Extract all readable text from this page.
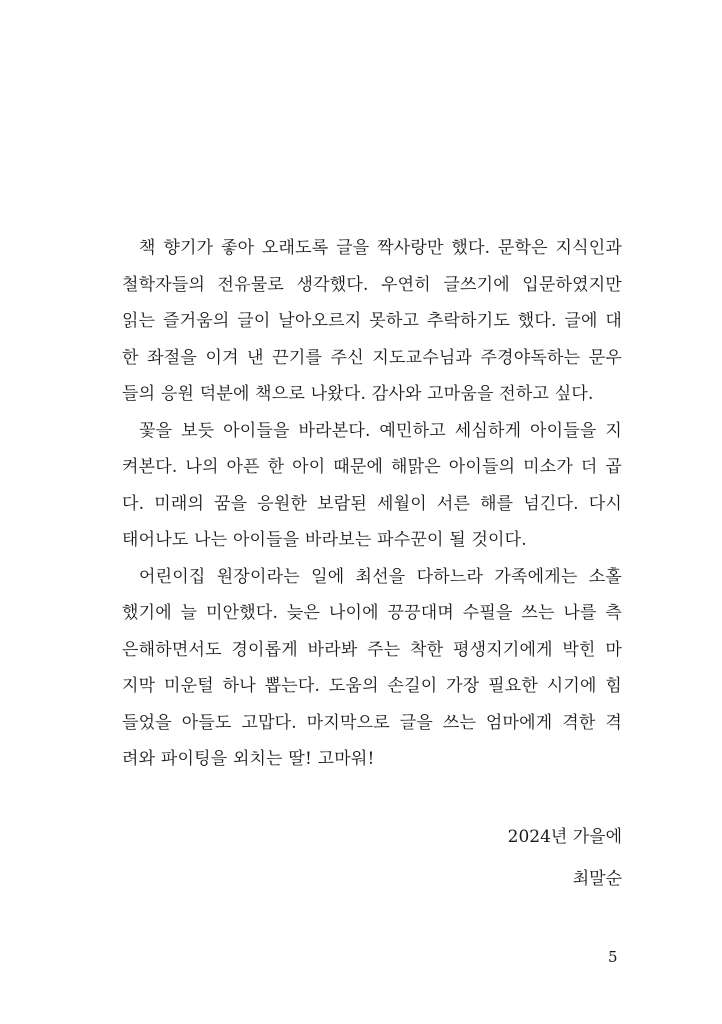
책 향기가 좋아 오래도록 글을 짝사랑만 했다. 문학은 지식인과
철학자들의 전유물로 생각했다. 우연히 글쓰기에 입문하였지만
읽는 즐거움의 글이 날아오르지 못하고 추락하기도 했다. 글에 대
한 좌절을 이겨 낸 끈기를 주신 지도교수님과 주경야독하는 문우
들의 응원 덕분에 책으로 나왔다. 감사와 고마움을 전하고 싶다.
꽃을 보듯 아이들을 바라본다. 예민하고 세심하게 아이들을 지
켜본다. 나의 아픈 한 아이 때문에 해맑은 아이들의 미소가 더 곱
다. 미래의 꿈을 응원한 보람된 세월이 서른 해를 넘긴다. 다시
태어나도 나는 아이들을 바라보는 파수꾼이 될 것이다.
어린이집 원장이라는 일에 최선을 다하느라 가족에게는 소홀
했기에 늘 미안했다. 늦은 나이에 끙끙대며 수필을 쓰는 나를 측
은해하면서도 경이롭게 바라봐 주는 착한 평생지기에게 박힌 마
지막 미운털 하나 뽑는다. 도움의 손길이 가장 필요한 시기에 힘
들었을 아들도 고맙다. 마지막으로 글을 쓰는 엄마에게 격한 격
려와 파이팅을 외치는 딸! 고마워!
2024년 가을에
최말순
5
